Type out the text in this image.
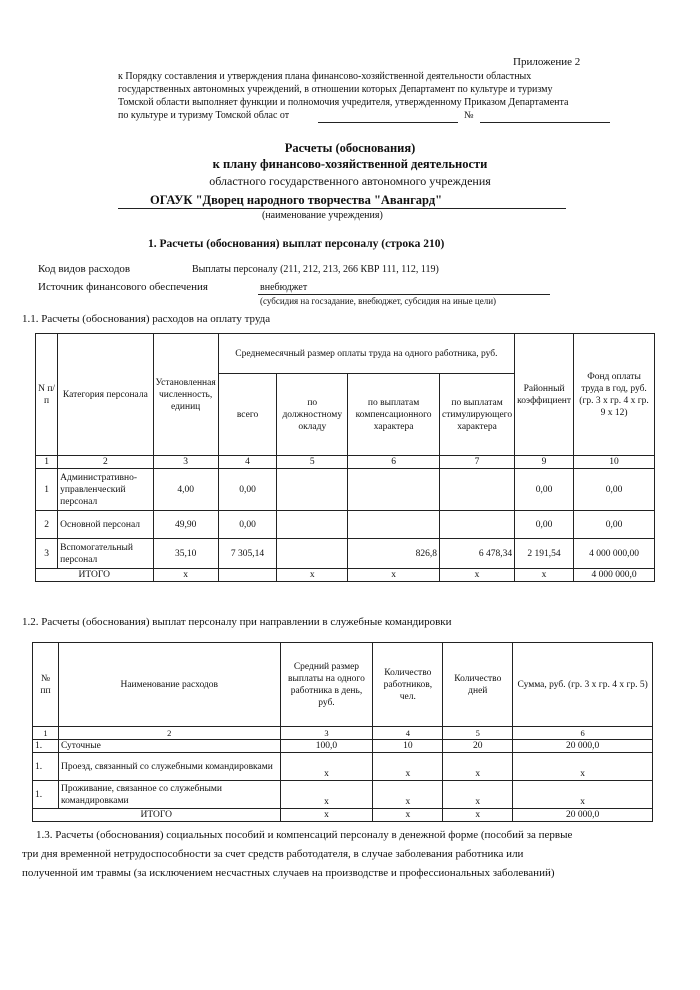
Приложение 2
к Порядку составления и утверждения плана финансово-хозяйственной деятельности областных
государственных автономных учреждений, в отношении которых Департамент по культуре и туризму
Томской области выполняет функции и полномочия учредителя, утвержденному Приказом Департамента
по культуре и туризму Томской облас от	№
Расчеты (обоснования)
к плану финансово-хозяйственной деятельности
областного государственного автономного учреждения
ОГАУК "Дворец народного творчества "Авангард"
(наименование учреждения)
1. Расчеты (обоснования) выплат персоналу (строка 210)
Код видов расходов	Выплаты персоналу (211, 212, 213, 266 КВР 111, 112, 119)
Источник финансового обеспечения	внебюджет
(субсидия на госзадание, внебюджет, субсидия на иные цели)
1.1. Расчеты (обоснования) расходов на оплату труда
N п/п	Категория персонала	Установленная численность, единиц	Среднемесячный размер оплаты труда на одного работника, руб.				Районный коэффициент	Фонд оплаты труда в год, руб. (гр. 3 х гр. 4 х гр. 9 х 12)
			всего	по должностному окладу	по выплатам компенсационного характера	по выплатам стимулирующего характера		
1	2	3	4	5	6	7	9	10
1	Административно-управленческий персонал	4,00	0,00				0,00	0,00
2	Основной персонал	49,90	0,00				0,00	0,00
3	Вспомогательный персонал	35,10	7 305,14		826,8	6 478,34	2 191,54	4 000 000,00
ИТОГО		х		х	х	х	х	4 000 000,0
1.2. Расчеты (обоснования) выплат персоналу при направлении в служебные командировки
№ пп	Наименование расходов	Средний размер выплаты на одного работника в день, руб.	Количество работников, чел.	Количество дней	Сумма, руб. (гр. 3 х гр. 4 х гр. 5)
1	2	3	4	5	6
1.	Суточные	100,0	10	20	20 000,0
1.	Проезд, связанный со служебными командировками	х	х	х	х
1.	Проживание, связанное со служебными командировками	х	х	х	х
ИТОГО		х	х	х	20 000,0
1.3. Расчеты (обоснования) социальных пособий и компенсаций персоналу в денежной форме (пособий за первые
три дня временной нетрудоспособности за счет средств работодателя, в случае заболевания работника или
полученной им травмы (за исключением несчастных случаев на производстве и профессиональных заболеваний)
